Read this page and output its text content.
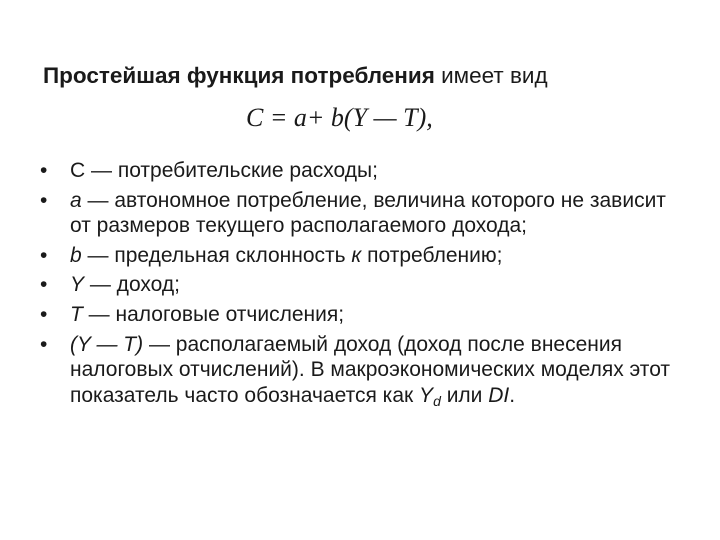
Простейшая функция потребления имеет вид
C = a+ b(Y — T),
• C — потребительские расходы;
• a — автономное потребление, величина которого не зависит от размеров текущего располагаемого дохода;
• b — предельная склонность к потреблению;
• Y — доход;
• T — налоговые отчисления;
• (Y — T) — располагаемый доход (доход после внесения налоговых отчислений). В макроэкономических моделях этот показатель часто обозначается как $Y_d$ или DI.
